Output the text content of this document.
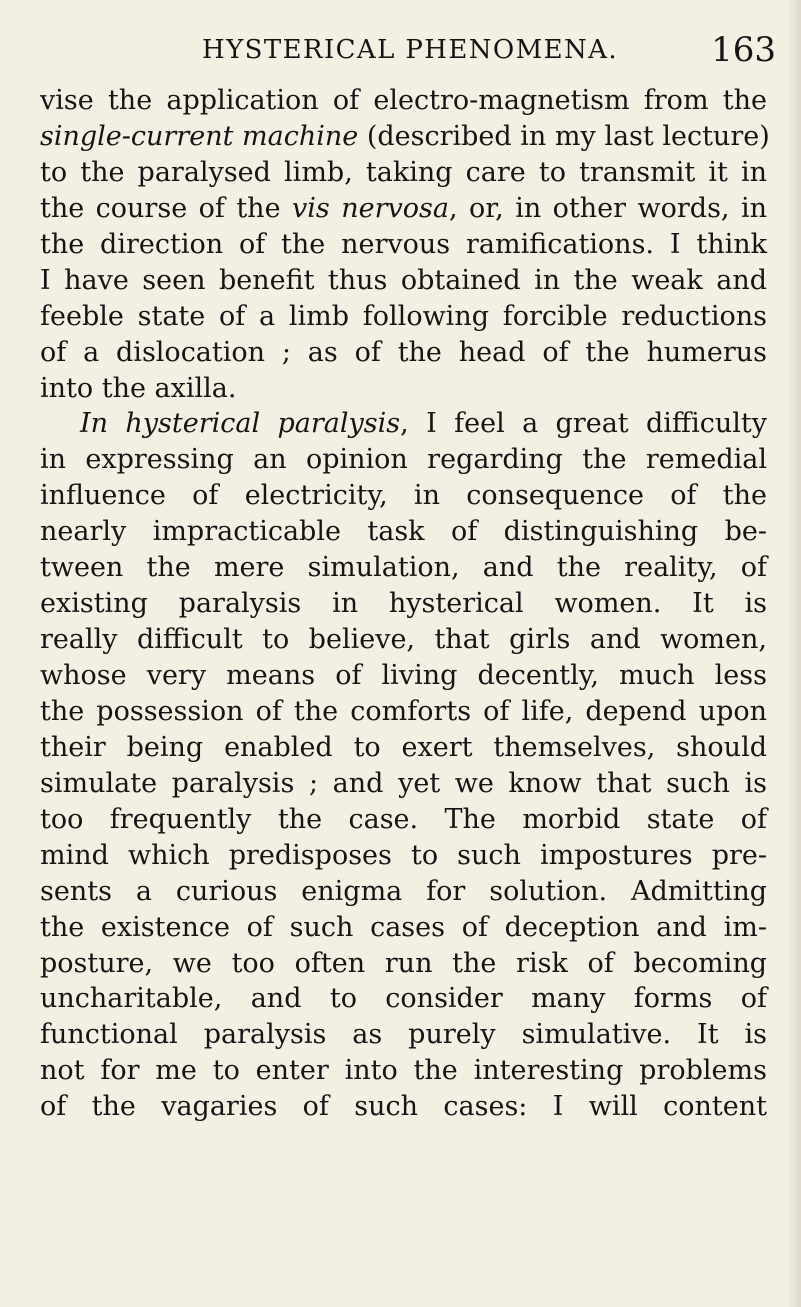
HYSTERICAL PHENOMENA.	163
vise the application of electro-magnetism from the
single-current machine (described in my last lecture)
to the paralysed limb, taking care to transmit it in
the course of the vis nervosa, or, in other words, in
the direction of the nervous ramifications. I think
I have seen benefit thus obtained in the weak and
feeble state of a limb following forcible reductions
of a dislocation ; as of the head of the humerus
into the axilla.
In hysterical paralysis, I feel a great difficulty
in expressing an opinion regarding the remedial
influence of electricity, in consequence of the
nearly impracticable task of distinguishing be-
tween the mere simulation, and the reality, of
existing paralysis in hysterical women. It is
really difficult to believe, that girls and women,
whose very means of living decently, much less
the possession of the comforts of life, depend upon
their being enabled to exert themselves, should
simulate paralysis ; and yet we know that such is
too frequently the case. The morbid state of
mind which predisposes to such impostures pre-
sents a curious enigma for solution. Admitting
the existence of such cases of deception and im-
posture, we too often run the risk of becoming
uncharitable, and to consider many forms of
functional paralysis as purely simulative. It is
not for me to enter into the interesting problems
of the vagaries of such cases: I will content
